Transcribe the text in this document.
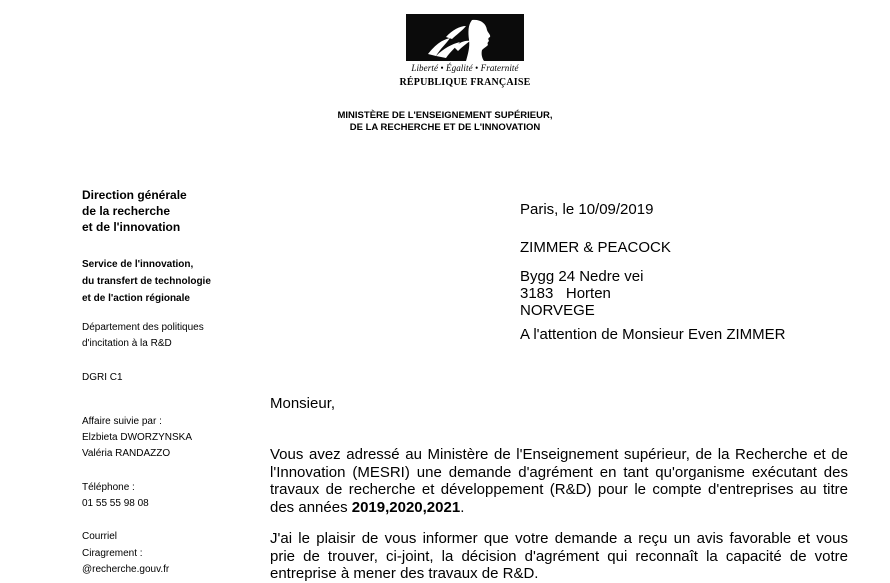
Liberté • Égalité • Fraternité
RÉPUBLIQUE FRANÇAISE
MINISTÈRE DE L'ENSEIGNEMENT SUPÉRIEUR,
DE LA RECHERCHE ET DE L'INNOVATION
Direction générale
de la recherche
et de l'innovation
Service de l'innovation,
du transfert de technologie
et de l'action régionale
Département des politiques
d'incitation à la R&D
DGRI C1
Affaire suivie par :
Elzbieta DWORZYNSKA
Valéria RANDAZZO
Téléphone :
01 55 55 98 08
Courriel
Ciragrement :
@recherche.gouv.fr
Paris, le 10/09/2019
ZIMMER & PEACOCK
Bygg 24 Nedre vei
3183   Horten
NORVEGE
A l'attention de Monsieur Even ZIMMER
Monsieur,
Vous avez adressé au Ministère de l'Enseignement supérieur, de la Recherche et de
l'Innovation (MESRI) une demande d'agrément en tant qu'organisme exécutant des
travaux de recherche et développement (R&D) pour le compte d'entreprises au titre
des années 2019,2020,2021.
J'ai le plaisir de vous informer que votre demande a reçu un avis favorable et vous
prie de trouver, ci-joint, la décision d'agrément qui reconnaît la capacité de votre
entreprise à mener des travaux de R&D.
